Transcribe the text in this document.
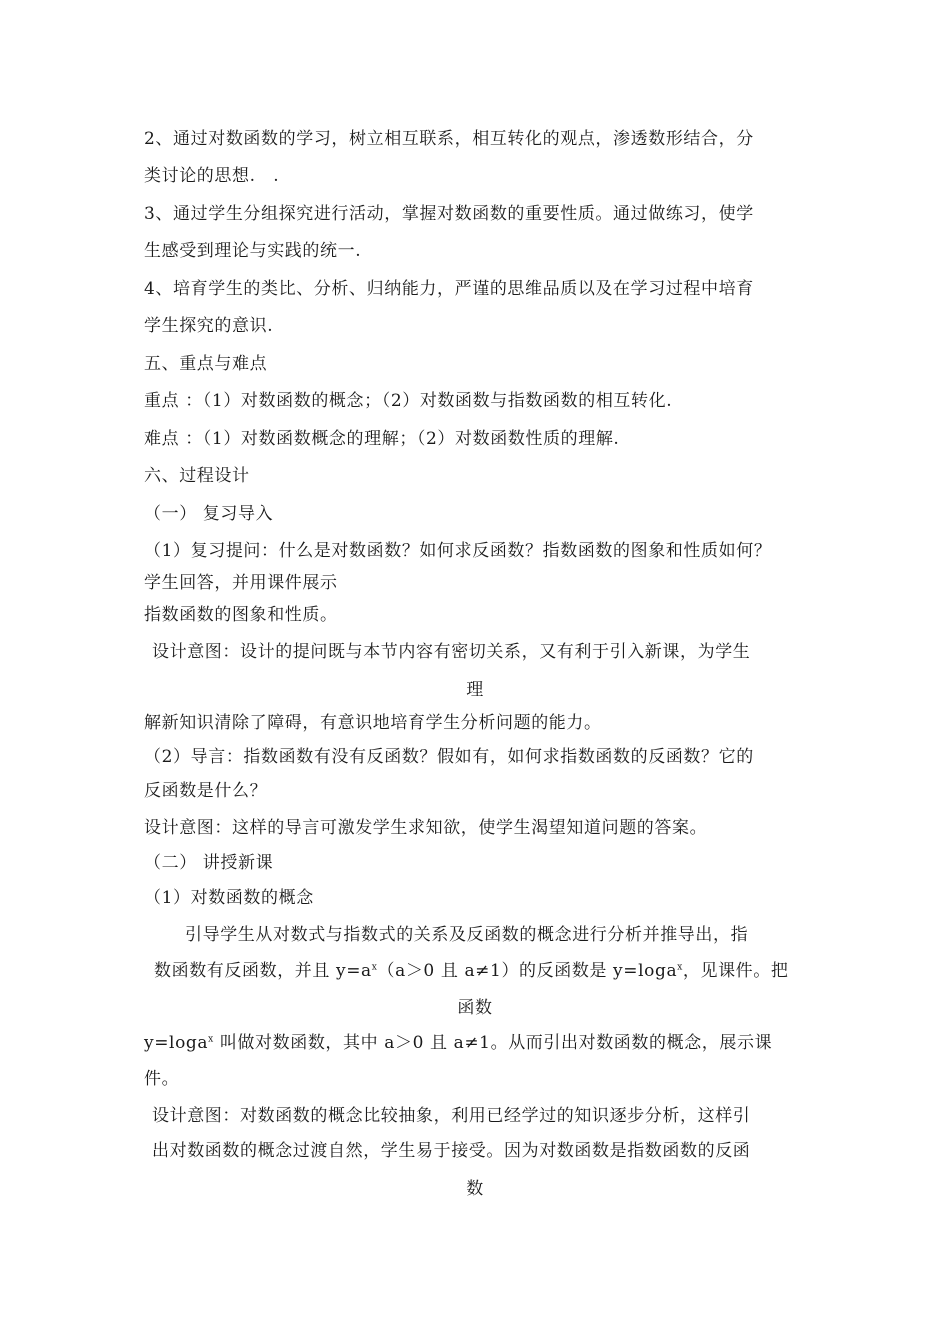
2、通过对数函数的学习，树立相互联系，相互转化的观点，渗透数形结合，分
类讨论的思想.　.
3、通过学生分组探究进行活动，掌握对数函数的重要性质。通过做练习，使学
生感受到理论与实践的统一.
4、培育学生的类比、分析、归纳能力，严谨的思维品质以及在学习过程中培育
学生探究的意识.
五、重点与难点
重点 ：（1）对数函数的概念；（2）对数函数与指数函数的相互转化.
难点 ：（1）对数函数概念的理解；（2）对数函数性质的理解.
六、过程设计
（一） 复习导入
（1）复习提问：什么是对数函数？如何求反函数？指数函数的图象和性质如何？
学生回答，并用课件展示
指数函数的图象和性质。
设计意图：设计的提问既与本节内容有密切关系，又有利于引入新课，为学生
理
解新知识清除了障碍，有意识地培育学生分析问题的能力。
（2）导言：指数函数有没有反函数？假如有，如何求指数函数的反函数？它的
反函数是什么？
设计意图：这样的导言可激发学生求知欲，使学生渴望知道问题的答案。
（二） 讲授新课
（1）对数函数的概念
引导学生从对数式与指数式的关系及反函数的概念进行分析并推导出，指
数函数有反函数，并且 $y=a^x(a>0$ 且 a≠1）的反函数是 y=loga$^x$，见课件。把
函数
y=loga$^x$ 叫做对数函数，其中 a＞0 且 a≠1。从而引出对数函数的概念，展示课
件。
设计意图：对数函数的概念比较抽象，利用已经学过的知识逐步分析，这样引
出对数函数的概念过渡自然，学生易于接受。因为对数函数是指数函数的反函
数
